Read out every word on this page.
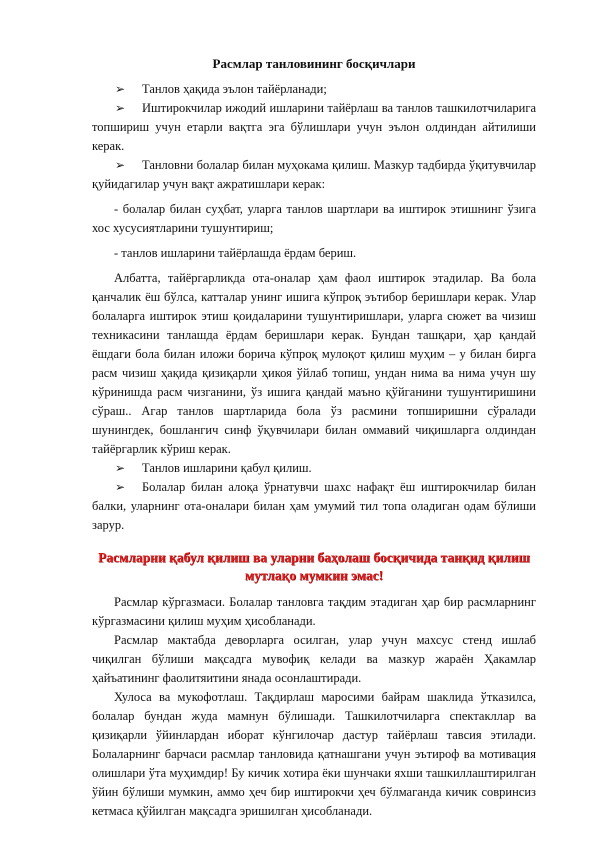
Расмлар танловининг босқичлари
➢ Танлов ҳақида эълон тайёрланади;
➢ Иштирокчилар ижодий ишларини тайёрлаш ва танлов ташкилотчиларига топшириш учун етарли вақтга эга бўлишлари учун эълон олдиндан айтилиши керак.
➢ Танловни болалар билан муҳокама қилиш. Мазкур тадбирда ўқитувчилар қуйидагилар учун вақт ажратишлари керак:

- болалар билан суҳбат, уларга танлов шартлари ва иштирок этишнинг ўзига хос хусусиятларини тушунтириш;

- танлов ишларини тайёрлашда ёрдам бериш.

Албатта, тайёргарликда ота-оналар ҳам фаол иштирок этадилар. Ва бола қанчалик ёш бўлса, катталар унинг ишига кўпроқ эътибор беришлари керак. Улар болаларга иштирок этиш қоидаларини тушунтиришлари, уларга сюжет ва чизиш техникасини танлашда ёрдам беришлари керак. Бундан ташқари, ҳар қандай ёшдаги бола билан иложи борича кўпроқ мулоқот қилиш муҳим – у билан бирга расм чизиш ҳақида қизиқарли ҳикоя ўйлаб топиш, ундан нима ва нима учун шу кўринишда расм чизганини, ўз ишига қандай маъно қўйганини тушунтиришини сўраш.. Агар танлов шартларида бола ўз расмини топширишни сўралади шунингдек, бошлангич синф ўқувчилари билан оммавий чиқишларга олдиндан тайёргарлик кўриш керак.

➢ Танлов ишларини қабул қилиш.
➢ Болалар билан алоқа ўрнатувчи шахс нафақт ёш иштирокчилар билан балки, уларнинг ота-оналари билан ҳам умумий тил топа оладиган одам бўлиши зарур.
Расмларни қабул қилиш ва уларни баҳолаш босқичида танқид қилиш мутлақо мумкин эмас!

Расмлар кўргазмаси. Болалар танловга тақдим этадиган ҳар бир расмларнинг кўргазмасини қилиш муҳим ҳисобланади.

Расмлар мактабда деворларга осилган, улар учун махсус стенд ишлаб чиқилган бўлиши мақсадга мувофиқ келади ва мазкур жараён Ҳакамлар ҳайъатининг фаолитяитини янада осонлаштиради.

Хулоса ва мукофотлаш. Тақдирлаш маросими байрам шаклида ўтказилса, болалар бундан жуда мамнун бўлишади. Ташкилотчиларга спектакллар ва қизиқарли ўйинлардан иборат кўнгилочар дастур тайёрлаш тавсия этилади. Болаларнинг барчаси расмлар танловида қатнашгани учун эътироф ва мотивация олишлари ўта муҳимдир! Бу кичик хотира ёки шунчаки яхши ташкиллаштирилган ўйин бўлиши мумкин, аммо ҳеч бир иштирокчи ҳеч бўлмаганда кичик совринсиз кетмаса қўйилган мақсадга эришилган ҳисобланади.
